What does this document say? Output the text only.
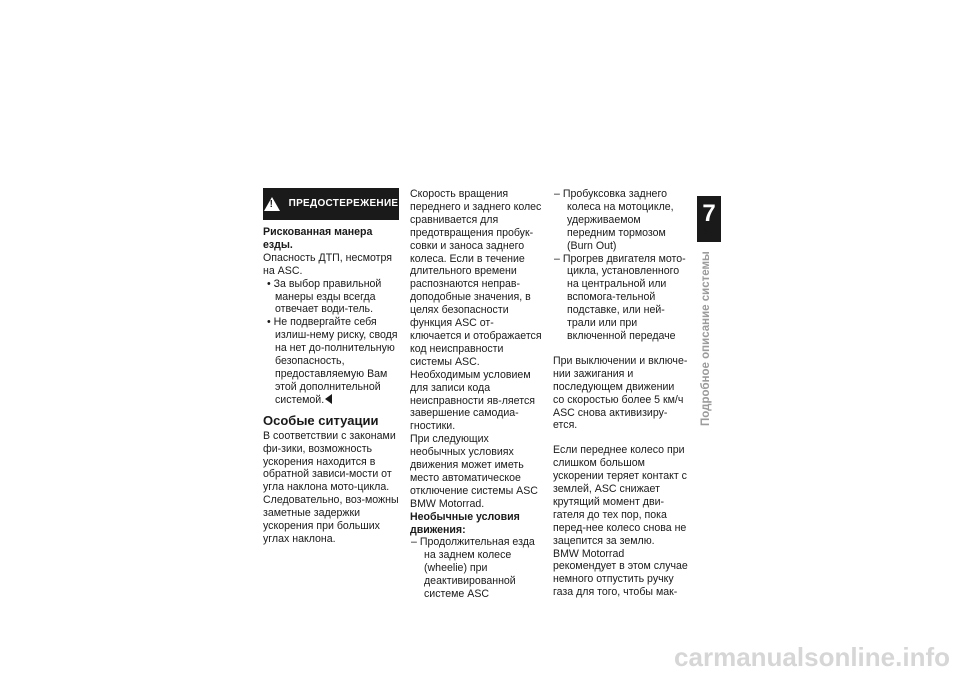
!
ПРЕДОСТЕРЕЖЕНИЕ

Рискованная манера езды.

Опасность ДТП, несмотря на ASC.

• За выбор правильной манеры езды всегда отвечает води-тель.

• Не подвергайте себя излиш-нему риску, сводя на нет до-полнительную безопасность, предоставляемую Вам этой дополнительной системой.

Особые ситуации

В соответствии с законами фи-зики, возможность ускорения находится в обратной зависи-мости от угла наклона мото-цикла. Следовательно, воз-можны заметные задержки ускорения при больших углах наклона.

Скорость вращения переднего и заднего колес сравнивается для предотвращения пробук-совки и заноса заднего колеса. Если в течение длительного времени распознаются неправ-доподобные значения, в целях безопасности функция ASC от-ключается и отображается код неисправности системы ASC. Необходимым условием для записи кода неисправности яв-ляется завершение самодиа-гностики.

При следующих необычных условиях движения может иметь место автоматическое отключение системы ASC BMW Motorrad.

Необычные условия движения:

– Продолжительная езда на заднем колесе (wheelie) при деактивированной системе ASC

– Пробуксовка заднего колеса на мотоцикле, удерживаемом передним тормозом (Burn Out)

– Прогрев двигателя мото-цикла, установленного на центральной или вспомога-тельной подставке, или ней-трали или при включенной передаче

При выключении и включе-нии зажигания и последующем движении со скоростью более 5 км/ч ASC снова активизиру-ется.

Если переднее колесо при слишком большом ускорении теряет контакт с землей, ASC снижает крутящий момент дви-гателя до тех пор, пока перед-нее колесо снова не зацепится за землю.

BMW Motorrad рекомендует в этом случае немного отпустить ручку газа для того, чтобы мак-

7
97
Подробное описание системы
carmanualsonline.info
